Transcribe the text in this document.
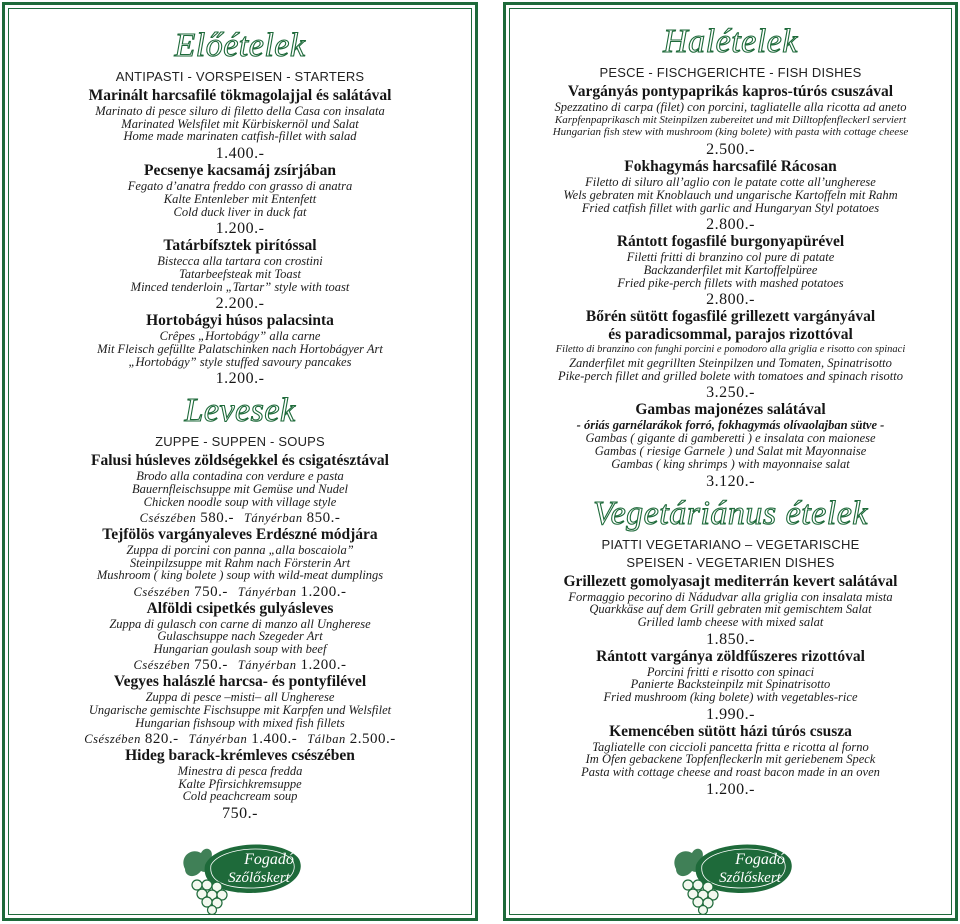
Előételek
ANTIPASTI - VORSPEISEN - STARTERS
Marinált harcsafilé tökmagolajjal és salátával
Marinato di pesce siluro di filetto della Casa con insalata
Marinated Welsfilet mit Kürbiskernöl und Salat
Home made marinaten catfish-fillet with salad
1.400.-
Pecsenye kacsamáj zsírjában
Fegato d’anatra freddo con grasso di anatra
Kalte Entenleber mit Entenfett
Cold duck liver in duck fat
1.200.-
Tatárbífsztek pirítóssal
Bistecca alla tartara con crostini
Tatarbeefsteak mit Toast
Minced tenderloin „Tartar” style with toast
2.200.-
Hortobágyi húsos palacsinta
Crêpes „Hortobágy” alla carne
Mit Fleisch gefüllte Palatschinken nach Hortobágyer Art
„Hortobágy” style stuffed savoury pancakes
1.200.-
Levesek
ZUPPE - SUPPEN - SOUPS
Falusi húsleves zöldségekkel és csigatésztával
Brodo alla contadina con verdure e pasta
Bauernfleischsuppe mit Gemüse und Nudel
Chicken noodle soup with village style
Csészében 580.- Tányérban 850.-
Tejfölös vargányaleves Erdészné módjára
Zuppa di porcini con panna „alla boscaiola”
Steinpilzsuppe mit Rahm nach Försterin Art
Mushroom ( king bolete ) soup with wild-meat dumplings
Csészében 750.- Tányérban 1.200.-
Alföldi csipetkés gulyásleves
Zuppa di gulasch con carne di manzo all Ungherese
Gulaschsuppe nach Szegeder Art
Hungarian goulash soup with beef
Csészében 750.- Tányérban 1.200.-
Vegyes halászlé harcsa- és pontyfilével
Zuppa di pesce –misti– all Ungherese
Ungarische gemischte Fischsuppe mit Karpfen und Welsfilet
Hungarian fishsoup with mixed fish fillets
Csészében 820.- Tányérban 1.400.- Tálban 2.500.-
Hideg barack-krémleves csészében
Minestra di pesca fredda
Kalte Pfirsichkremsuppe
Cold peachcream soup
750.-
Fogadó
Szőlőskert
Halételek
PESCE - FISCHGERICHTE - FISH DISHES
Vargányás pontypaprikás kapros-túrós csuszával
Spezzatino di carpa (filet) con porcini, tagliatelle alla ricotta ad aneto
Karpfenpaprikasch mit Steinpilzen zubereitet und mit Dilltopfenfleckerl serviert
Hungarian fish stew with mushroom (king bolete) with pasta with cottage cheese
2.500.-
Fokhagymás harcsafilé Rácosan
Filetto di siluro all’aglio con le patate cotte all’ungherese
Wels gebraten mit Knoblauch und ungarische Kartoffeln mit Rahm
Fried catfish fillet with garlic and Hungaryan Styl potatoes
2.800.-
Rántott fogasfilé burgonyapürével
Filetti fritti di branzino col pure di patate
Backzanderfilet mit Kartoffelpüree
Fried pike-perch fillets with mashed potatoes
2.800.-
Bőrén sütött fogasfilé grillezett vargányával
és paradicsommal, parajos rizottóval
Filetto di branzino con funghi porcini e pomodoro alla griglia e risotto con spinaci
Zanderfilet mit gegrillten Steinpilzen und Tomaten, Spinatrisotto
Pike-perch fillet and grilled bolete with tomatoes and spinach risotto
3.250.-
Gambas majonézes salátával
- óriás garnélarákok forró, fokhagymás olívaolajban sütve -
Gambas ( gigante di gamberetti ) e insalata con maionese
Gambas ( riesige Garnele ) und Salat mit Mayonnaise
Gambas ( king shrimps ) with mayonnaise salat
3.120.-
Vegetáriánus ételek
PIATTI VEGETARIANO – VEGETARISCHE
SPEISEN - VEGETARIEN DISHES
Grillezett gomolyasajt mediterrán kevert salátával
Formaggio pecorino di Nádudvar alla griglia con insalata mista
Quarkkäse auf dem Grill gebraten mit gemischtem Salat
Grilled lamb cheese with mixed salat
1.850.-
Rántott vargánya zöldfűszeres rizottóval
Porcini fritti e risotto con spinaci
Panierte Backsteinpilz mit Spinatrisotto
Fried mushroom (king bolete) with vegetables-rice
1.990.-
Kemencében sütött házi túrós csusza
Tagliatelle con ciccioli pancetta fritta e ricotta al forno
Im Ofen gebackene Topfenfleckerln mit geriebenem Speck
Pasta with cottage cheese and roast bacon made in an oven
1.200.-
Fogadó
Szőlőskert
